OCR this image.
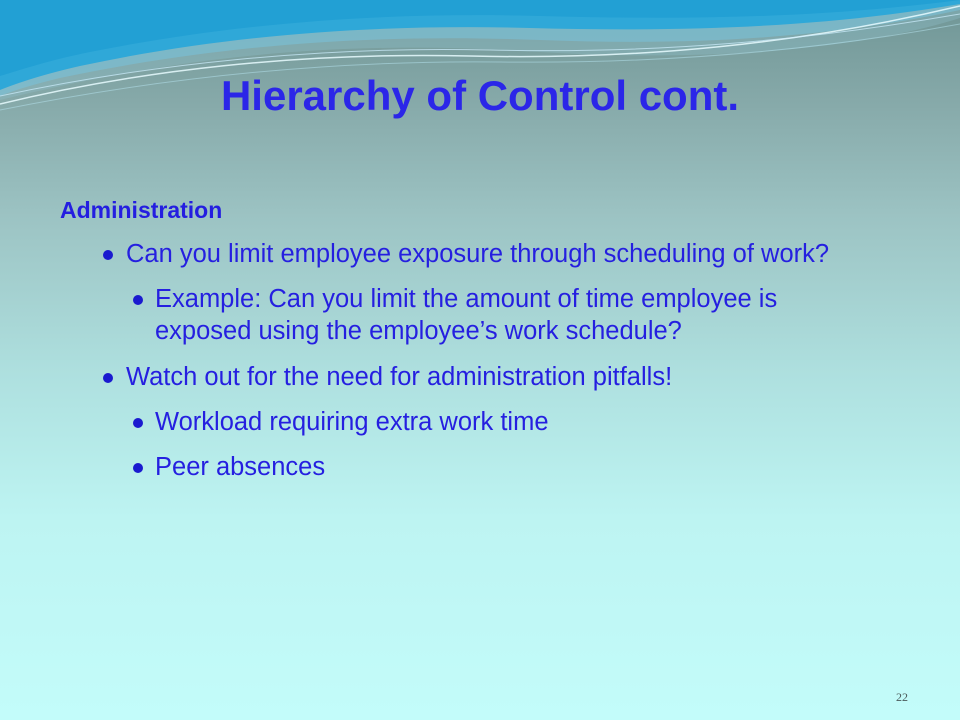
Hierarchy of Control cont.
Administration
Can you limit employee exposure through scheduling of work?
Example: Can you limit the amount of time employee is exposed using the employee’s work schedule?
Watch out for the need for administration pitfalls!
Workload requiring extra work time
Peer absences
22
